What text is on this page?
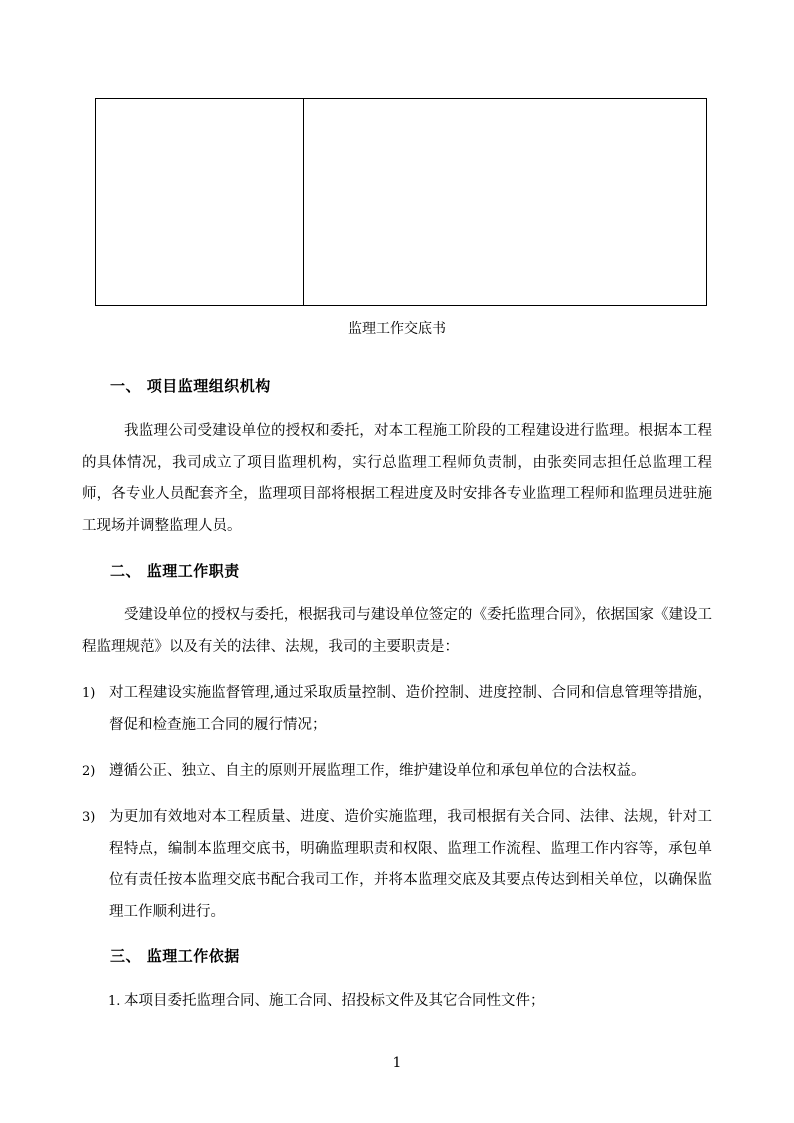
监理工作交底书
一、 项目监理组织机构
我监理公司受建设单位的授权和委托，对本工程施工阶段的工程建设进行监理。根据本工程的具体情况，我司成立了项目监理机构，实行总监理工程师负责制，由张奕同志担任总监理工程师，各专业人员配套齐全，监理项目部将根据工程进度及时安排各专业监理工程师和监理员进驻施工现场并调整监理人员。
二、 监理工作职责
受建设单位的授权与委托，根据我司与建设单位签定的《委托监理合同》，依据国家《建设工程监理规范》以及有关的法律、法规，我司的主要职责是：
1) 对工程建设实施监督管理,通过采取质量控制、造价控制、进度控制、合同和信息管理等措施，督促和检查施工合同的履行情况；
2) 遵循公正、独立、自主的原则开展监理工作，维护建设单位和承包单位的合法权益。
3) 为更加有效地对本工程质量、进度、造价实施监理，我司根据有关合同、法律、法规，针对工程特点，编制本监理交底书，明确监理职责和权限、监理工作流程、监理工作内容等，承包单位有责任按本监理交底书配合我司工作，并将本监理交底及其要点传达到相关单位，以确保监理工作顺利进行。
三、 监理工作依据
1. 本项目委托监理合同、施工合同、招投标文件及其它合同性文件；
1
